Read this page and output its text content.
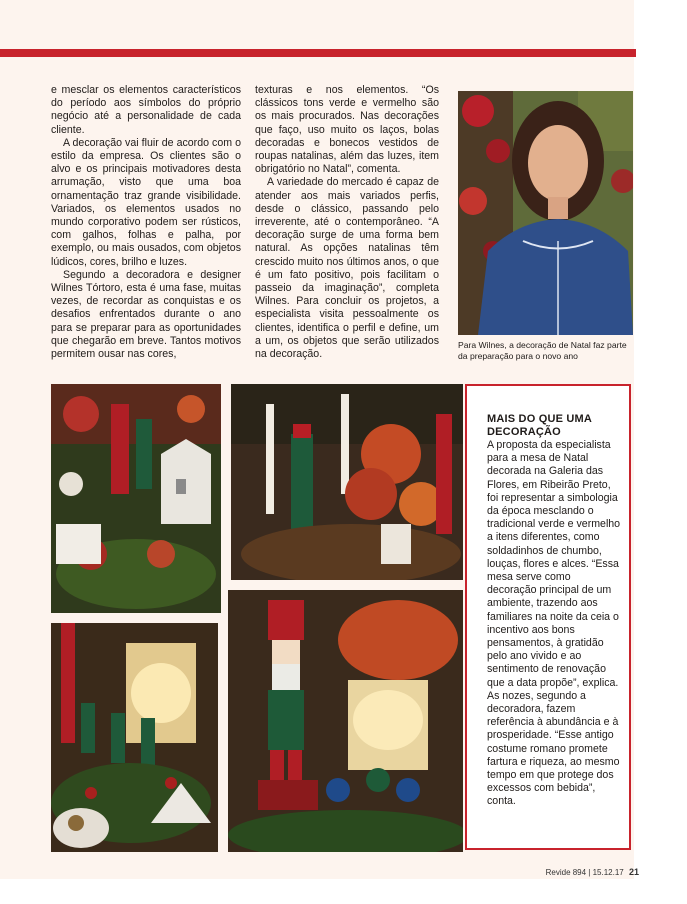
e mesclar os elementos característicos do período aos símbolos do próprio negócio até a personalidade de cada cliente.

A decoração vai fluir de acordo com o estilo da empresa. Os clientes são o alvo e os principais motivadores desta arrumação, visto que uma boa ornamentação traz grande visibilidade. Variados, os elementos usados no mundo corporativo podem ser rústicos, com galhos, folhas e palha, por exemplo, ou mais ousados, com objetos lúdicos, cores, brilho e luzes.

Segundo a decoradora e designer Wilnes Tórtoro, esta é uma fase, muitas vezes, de recordar as conquistas e os desafios enfrentados durante o ano para se preparar para as oportunidades que chegarão em breve. Tantos motivos permitem ousar nas cores,

texturas e nos elementos. “Os clássicos tons verde e vermelho são os mais procurados. Nas decorações que faço, uso muito os laços, bolas decoradas e bonecos vestidos de roupas natalinas, além das luzes, item obrigatório no Natal”, comenta.

A variedade do mercado é capaz de atender aos mais variados perfis, desde o clássico, passando pelo irreverente, até o contemporâneo. “A decoração surge de uma forma bem natural. As opções natalinas têm crescido muito nos últimos anos, o que é um fato positivo, pois facilitam o passeio da imaginação”, completa Wilnes. Para concluir os projetos, a especialista visita pessoalmente os clientes, identifica o perfil e define, um a um, os objetos que serão utilizados na decoração.

Para Wilnes, a decoração de Natal faz parte da preparação para o novo ano

MAIS DO QUE UMA DECORAÇÃO

A proposta da especialista para a mesa de Natal decorada na Galeria das Flores, em Ribeirão Preto, foi representar a simbologia da época mesclando o tradicional verde e vermelho a itens diferentes, como soldadinhos de chumbo, louças, flores e alces. “Essa mesa serve como decoração principal de um ambiente, trazendo aos familiares na noite da ceia o incentivo aos bons pensamentos, à gratidão pelo ano vivido e ao sentimento de renovação que a data propõe”, explica. As nozes, segundo a decoradora, fazem referência à abundância e à prosperidade. “Esse antigo costume romano promete fartura e riqueza, ao mesmo tempo em que protege dos excessos com bebida”, conta.

Revide 894 | 15.12.17 21
